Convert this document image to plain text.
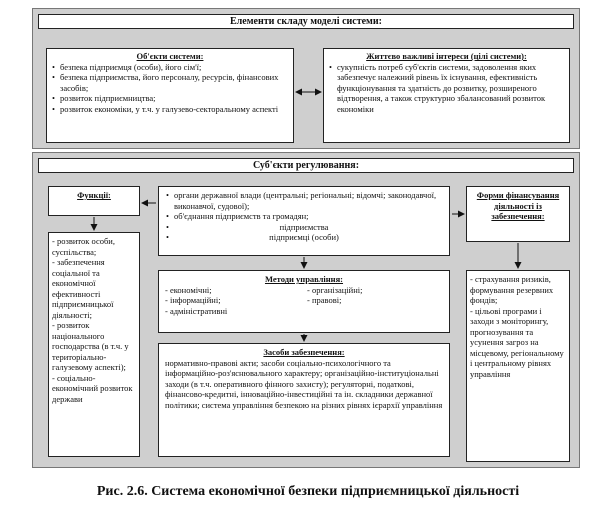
Елементи складу моделі системи:
Об'єкти системи:
• безпека підприємця (особи), його сім'ї;
• безпека підприємства, його персоналу, ресурсів, фінансових засобів;
• розвиток підприємництва;
• розвиток економіки, у т.ч. у галузево-секторальному аспекті
Життєво важливі інтереси (цілі системи):
• сукупність потреб суб'єктів системи, задоволення яких забезпечує належний рівень їх існування, ефективність функціонування та здатність до розвитку, розширеного відтворення, а також структурно збалансований розвиток економіки
Суб'єкти регулювання:
Функції:
- розвиток особи, суспільства;
- забезпечення соціальної та економічної ефективності підприємницької діяльності;
- розвиток національного господарства (в т.ч. у територіально-галузевому аспекті);
- соціально-економічний розвиток держави
• органи державної влади (центральні; регіональні; відомчі; законодавчої, виконавчої, судової);
• об'єднання підприємств та громадян;
• підприємства
• підприємці (особи)
Форми фінансування діяльності із забезпечення:
- страхування ризиків, формування резервних фондів;
- цільові програми і заходи з моніторингу, прогнозування та усунення загроз на місцевому, регіональному і центральному рівнях управління
Методи управління:
- економічні;
- інформаційні;
- адміністративні
- організаційні;
- правові;
Засоби забезпечення:
нормативно-правові акти; засоби соціально-психологічного та інформаційно-роз'яснювального характеру; організаційно-інституціональні заходи (в т.ч. оперативного фінного захисту); регуляторні, податкові, фінансово-кредитні, інноваційно-інвестиційні та ін. складники державної політики; система управління безпекою на різних рівнях ієрархії управління
Рис. 2.6. Система економічної безпеки підприємницької діяльності
